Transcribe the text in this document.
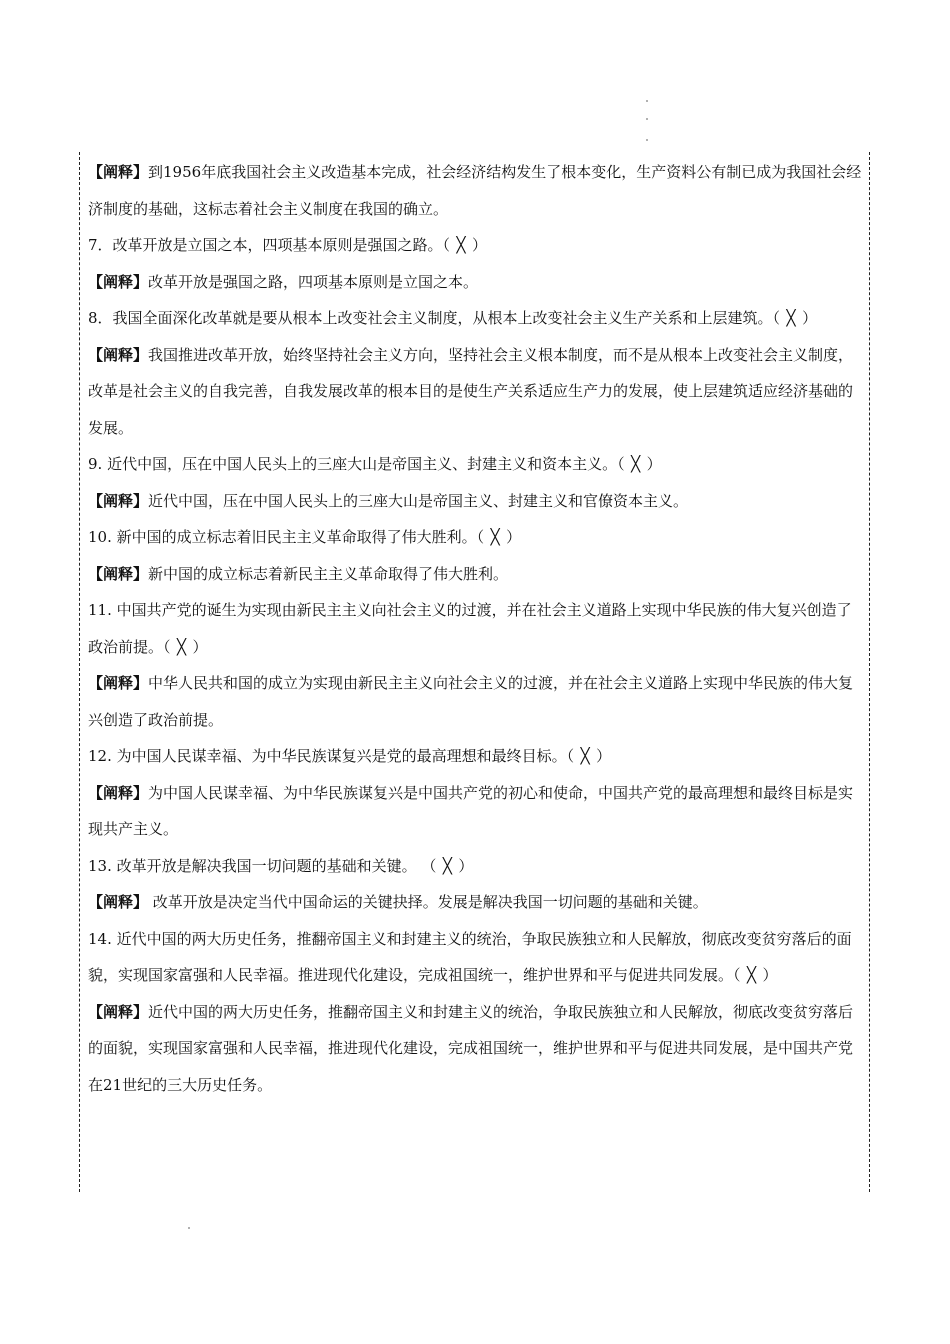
【阐释】到1956年底我国社会主义改造基本完成，社会经济结构发生了根本变化，生产资料公有制已成为我国社会经济制度的基础，这标志着社会主义制度在我国的确立。

7．改革开放是立国之本，四项基本原则是强国之路。（ ╳ ）

【阐释】改革开放是强国之路，四项基本原则是立国之本。

8．我国全面深化改革就是要从根本上改变社会主义制度，从根本上改变社会主义生产关系和上层建筑。（ ╳ ）

【阐释】我国推进改革开放，始终坚持社会主义方向，坚持社会主义根本制度，而不是从根本上改变社会主义制度，改革是社会主义的自我完善，自我发展改革的根本目的是使生产关系适应生产力的发展，使上层建筑适应经济基础的发展。

9. 近代中国，压在中国人民头上的三座大山是帝国主义、封建主义和资本主义。（ ╳ ）

【阐释】近代中国，压在中国人民头上的三座大山是帝国主义、封建主义和官僚资本主义。

10. 新中国的成立标志着旧民主主义革命取得了伟大胜利。（ ╳ ）

【阐释】新中国的成立标志着新民主主义革命取得了伟大胜利。

11. 中国共产党的诞生为实现由新民主主义向社会主义的过渡，并在社会主义道路上实现中华民族的伟大复兴创造了政治前提。（ ╳ ）

【阐释】中华人民共和国的成立为实现由新民主主义向社会主义的过渡，并在社会主义道路上实现中华民族的伟大复兴创造了政治前提。

12. 为中国人民谋幸福、为中华民族谋复兴是党的最高理想和最终目标。（ ╳ ）

【阐释】为中国人民谋幸福、为中华民族谋复兴是中国共产党的初心和使命，中国共产党的最高理想和最终目标是实现共产主义。

13. 改革开放是解决我国一切问题的基础和关键。 （ ╳ ）

【阐释】 改革开放是决定当代中国命运的关键抉择。发展是解决我国一切问题的基础和关键。

14. 近代中国的两大历史任务，推翻帝国主义和封建主义的统治，争取民族独立和人民解放，彻底改变贫穷落后的面貌，实现国家富强和人民幸福。推进现代化建设，完成祖国统一，维护世界和平与促进共同发展。（ ╳ ）

【阐释】近代中国的两大历史任务，推翻帝国主义和封建主义的统治，争取民族独立和人民解放，彻底改变贫穷落后的面貌，实现国家富强和人民幸福，推进现代化建设，完成祖国统一，维护世界和平与促进共同发展，是中国共产党在21世纪的三大历史任务。
